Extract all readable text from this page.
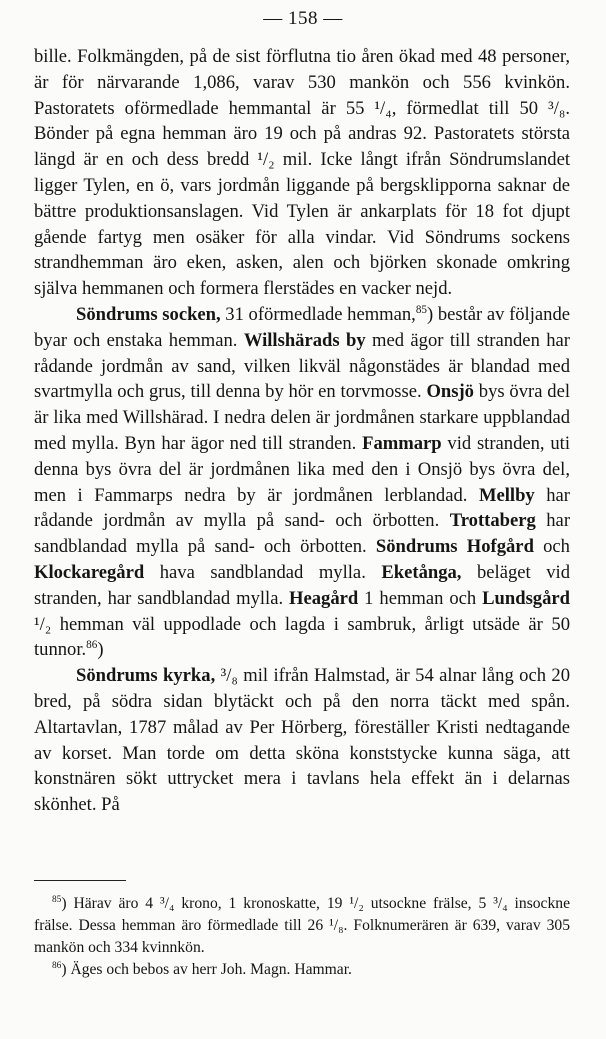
— 158 —

bille. Folkmängden, på de sist förflutna tio åren ökad med 48 personer, är för närvarande 1,086, varav 530 mankön och 556 kvinkön. Pastoratets oförmedlade hemmantal är 55 ¹/₄, förmedlat till 50 ³/₈. Bönder på egna hemman äro 19 och på andras 92. Pastoratets största längd är en och dess bredd ¹/₂ mil. Icke långt ifrån Söndrumslandet ligger Tylen, en ö, vars jordmån liggande på bergsklipporna saknar de bättre produktionsanslagen. Vid Tylen är ankarplats för 18 fot djupt gående fartyg men osäker för alla vindar. Vid Söndrums sockens strandhemman äro eken, asken, alen och björken skonade omkring själva hemmanen och formera flerstädes en vacker nejd.

Söndrums socken, 31 oförmedlade hemman,$^{85}$) består av följande byar och enstaka hemman. Willshärads by med ägor till stranden har rådande jordmån av sand, vilken likväl någonstädes är blandad med svartmylla och grus, till denna by hör en torvmosse. Onsjö bys övra del är lika med Willshärad. I nedra delen är jordmånen starkare uppblandad med mylla. Byn har ägor ned till stranden. Fammarp vid stranden, uti denna bys övra del är jordmånen lika med den i Onsjö bys övra del, men i Fammarps nedra by är jordmånen lerblandad. Mellby har rådande jordmån av mylla på sand- och örbotten. Trottaberg har sandblandad mylla på sand- och örbotten. Söndrums Hofgård och Klockaregård hava sandblandad mylla. Eketånga, beläget vid stranden, har sandblandad mylla. Heagård 1 hemman och Lundsgård ¹/₂ hemman väl uppodlade och lagda i sambruk, årligt utsäde är 50 tunnor.$^{86}$)

Söndrums kyrka, ³/₈ mil ifrån Halmstad, är 54 alnar lång och 20 bred, på södra sidan blytäckt och på den norra täckt med spån. Altartavlan, 1787 målad av Per Hörberg, föreställer Kristi nedtagande av korset. Man torde om detta sköna konststycke kunna säga, att konstnären sökt uttrycket mera i tavlans hela effekt än i delarnas skönhet. På

$^{85}$) Härav äro 4 ³/₄ krono, 1 kronoskatte, 19 ¹/₂ utsockne frälse, 5 ³/₄ insockne frälse. Dessa hemman äro förmedlade till 26 ¹/₈. Folknumerären är 639, varav 305 mankön och 334 kvinnkön.

$^{86}$) Äges och bebos av herr Joh. Magn. Hammar.
